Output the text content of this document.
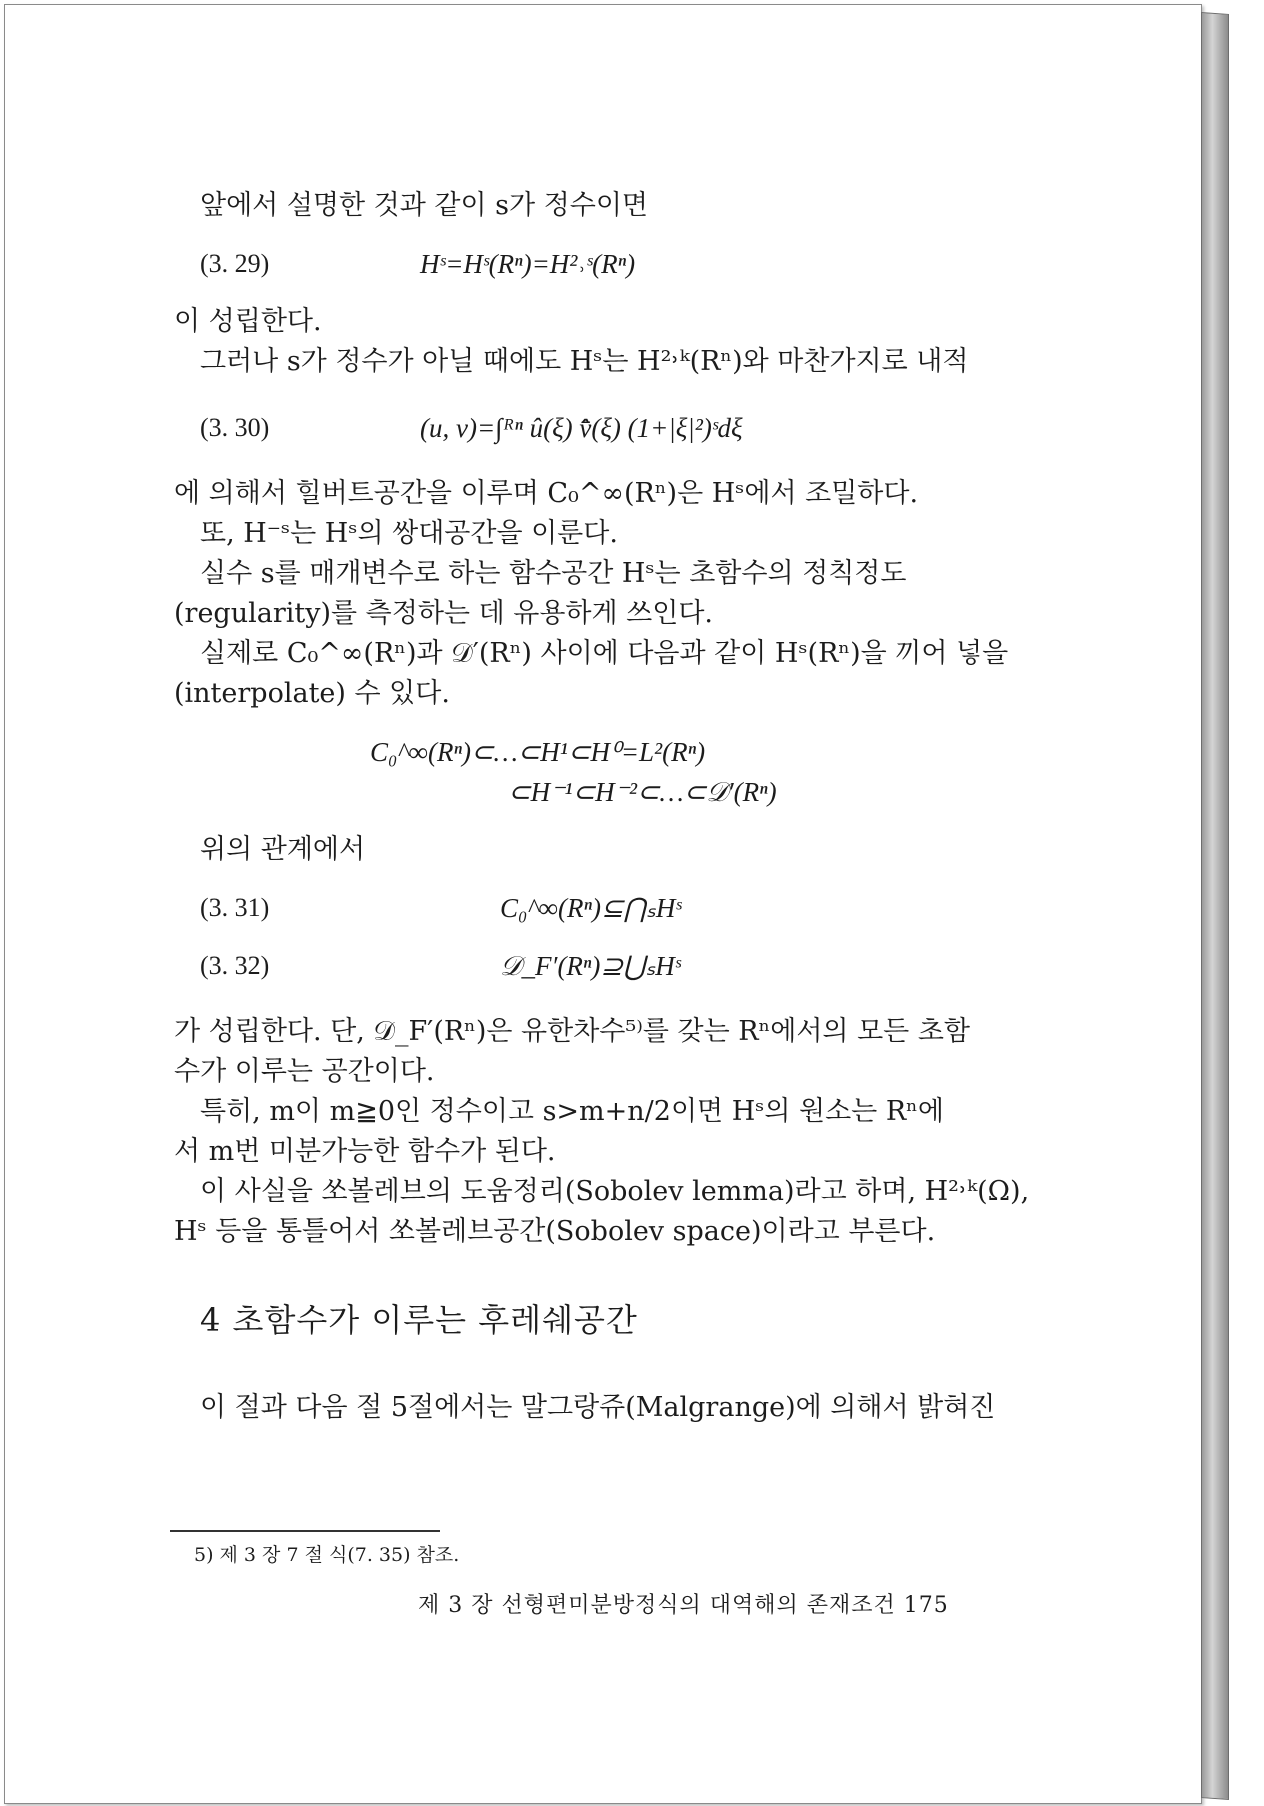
앞에서 설명한 것과 같이 s가 정수이면
(3. 29)	Hˢ=Hˢ(Rⁿ)=H²˒ˢ(Rⁿ)
이 성립한다.
그러나 s가 정수가 아닐 때에도 Hˢ는 H²˒ᵏ(Rⁿ)와 마찬가지로 내적
(3. 30)	(u, v)=∫ᴿⁿ û(ξ) v̄̂(ξ) (1+|ξ|²)ˢdξ
에 의해서 힐버트공간을 이루며 C₀^∞(Rⁿ)은 Hˢ에서 조밀하다.
또, H⁻ˢ는 Hˢ의 쌍대공간을 이룬다.
실수 s를 매개변수로 하는 함수공간 Hˢ는 초함수의 정칙정도
(regularity)를 측정하는 데 유용하게 쓰인다.
실제로 C₀^∞(Rⁿ)과 𝒟′(Rⁿ) 사이에 다음과 같이 Hˢ(Rⁿ)을 끼어 넣을
(interpolate) 수 있다.
C₀^∞(Rⁿ)⊂…⊂H¹⊂H⁰=L²(Rⁿ)
⊂H⁻¹⊂H⁻²⊂…⊂𝒟′(Rⁿ)
위의 관계에서
(3. 31)	C₀^∞(Rⁿ)⊆⋂ₛHˢ
(3. 32)	𝒟_F′(Rⁿ)⊇⋃ₛHˢ
가 성립한다. 단, 𝒟_F′(Rⁿ)은 유한차수⁵⁾를 갖는 Rⁿ에서의 모든 초함
수가 이루는 공간이다.
특히, m이 m≧0인 정수이고 s>m+n/2이면 Hˢ의 원소는 Rⁿ에
서 m번 미분가능한 함수가 된다.
이 사실을 쏘볼레브의 도움정리(Sobolev lemma)라고 하며, H²˒ᵏ(Ω),
Hˢ 등을 통틀어서 쏘볼레브공간(Sobolev space)이라고 부른다.
4 초함수가 이루는 후레쉐공간
이 절과 다음 절 5절에서는 말그랑쥬(Malgrange)에 의해서 밝혀진
5) 제 3 장 7 절 식(7. 35) 참조.
제 3 장 선형편미분방정식의 대역해의 존재조건 175
